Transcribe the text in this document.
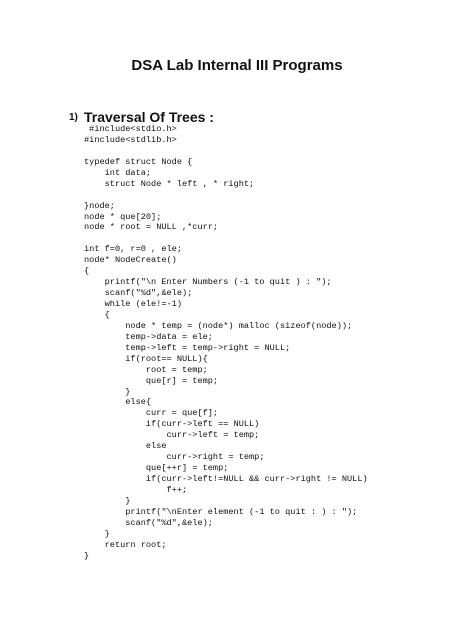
DSA Lab Internal III Programs
1) Traversal Of Trees :
#include<stdio.h>
#include<stdlib.h>
typedef struct Node {
int data;
struct Node * left , * right;
}node;
node * que[20];
node * root = NULL ,*curr;
int f=0, r=0 , ele;
node* NodeCreate()
{
printf("\n Enter Numbers (-1 to quit ) : ");
scanf("%d",&ele);
while (ele!=-1)
{
node * temp = (node*) malloc (sizeof(node));
temp->data = ele;
temp->left = temp->right = NULL;
if(root== NULL){
root = temp;
que[r] = temp;
}
else{
curr = que[f];
if(curr->left == NULL)
curr->left = temp;
else
curr->right = temp;
que[++r] = temp;
if(curr->left!=NULL && curr->right != NULL)
f++;
}
printf("\nEnter element (-1 to quit : ) : ");
scanf("%d",&ele);
}
return root;
}
